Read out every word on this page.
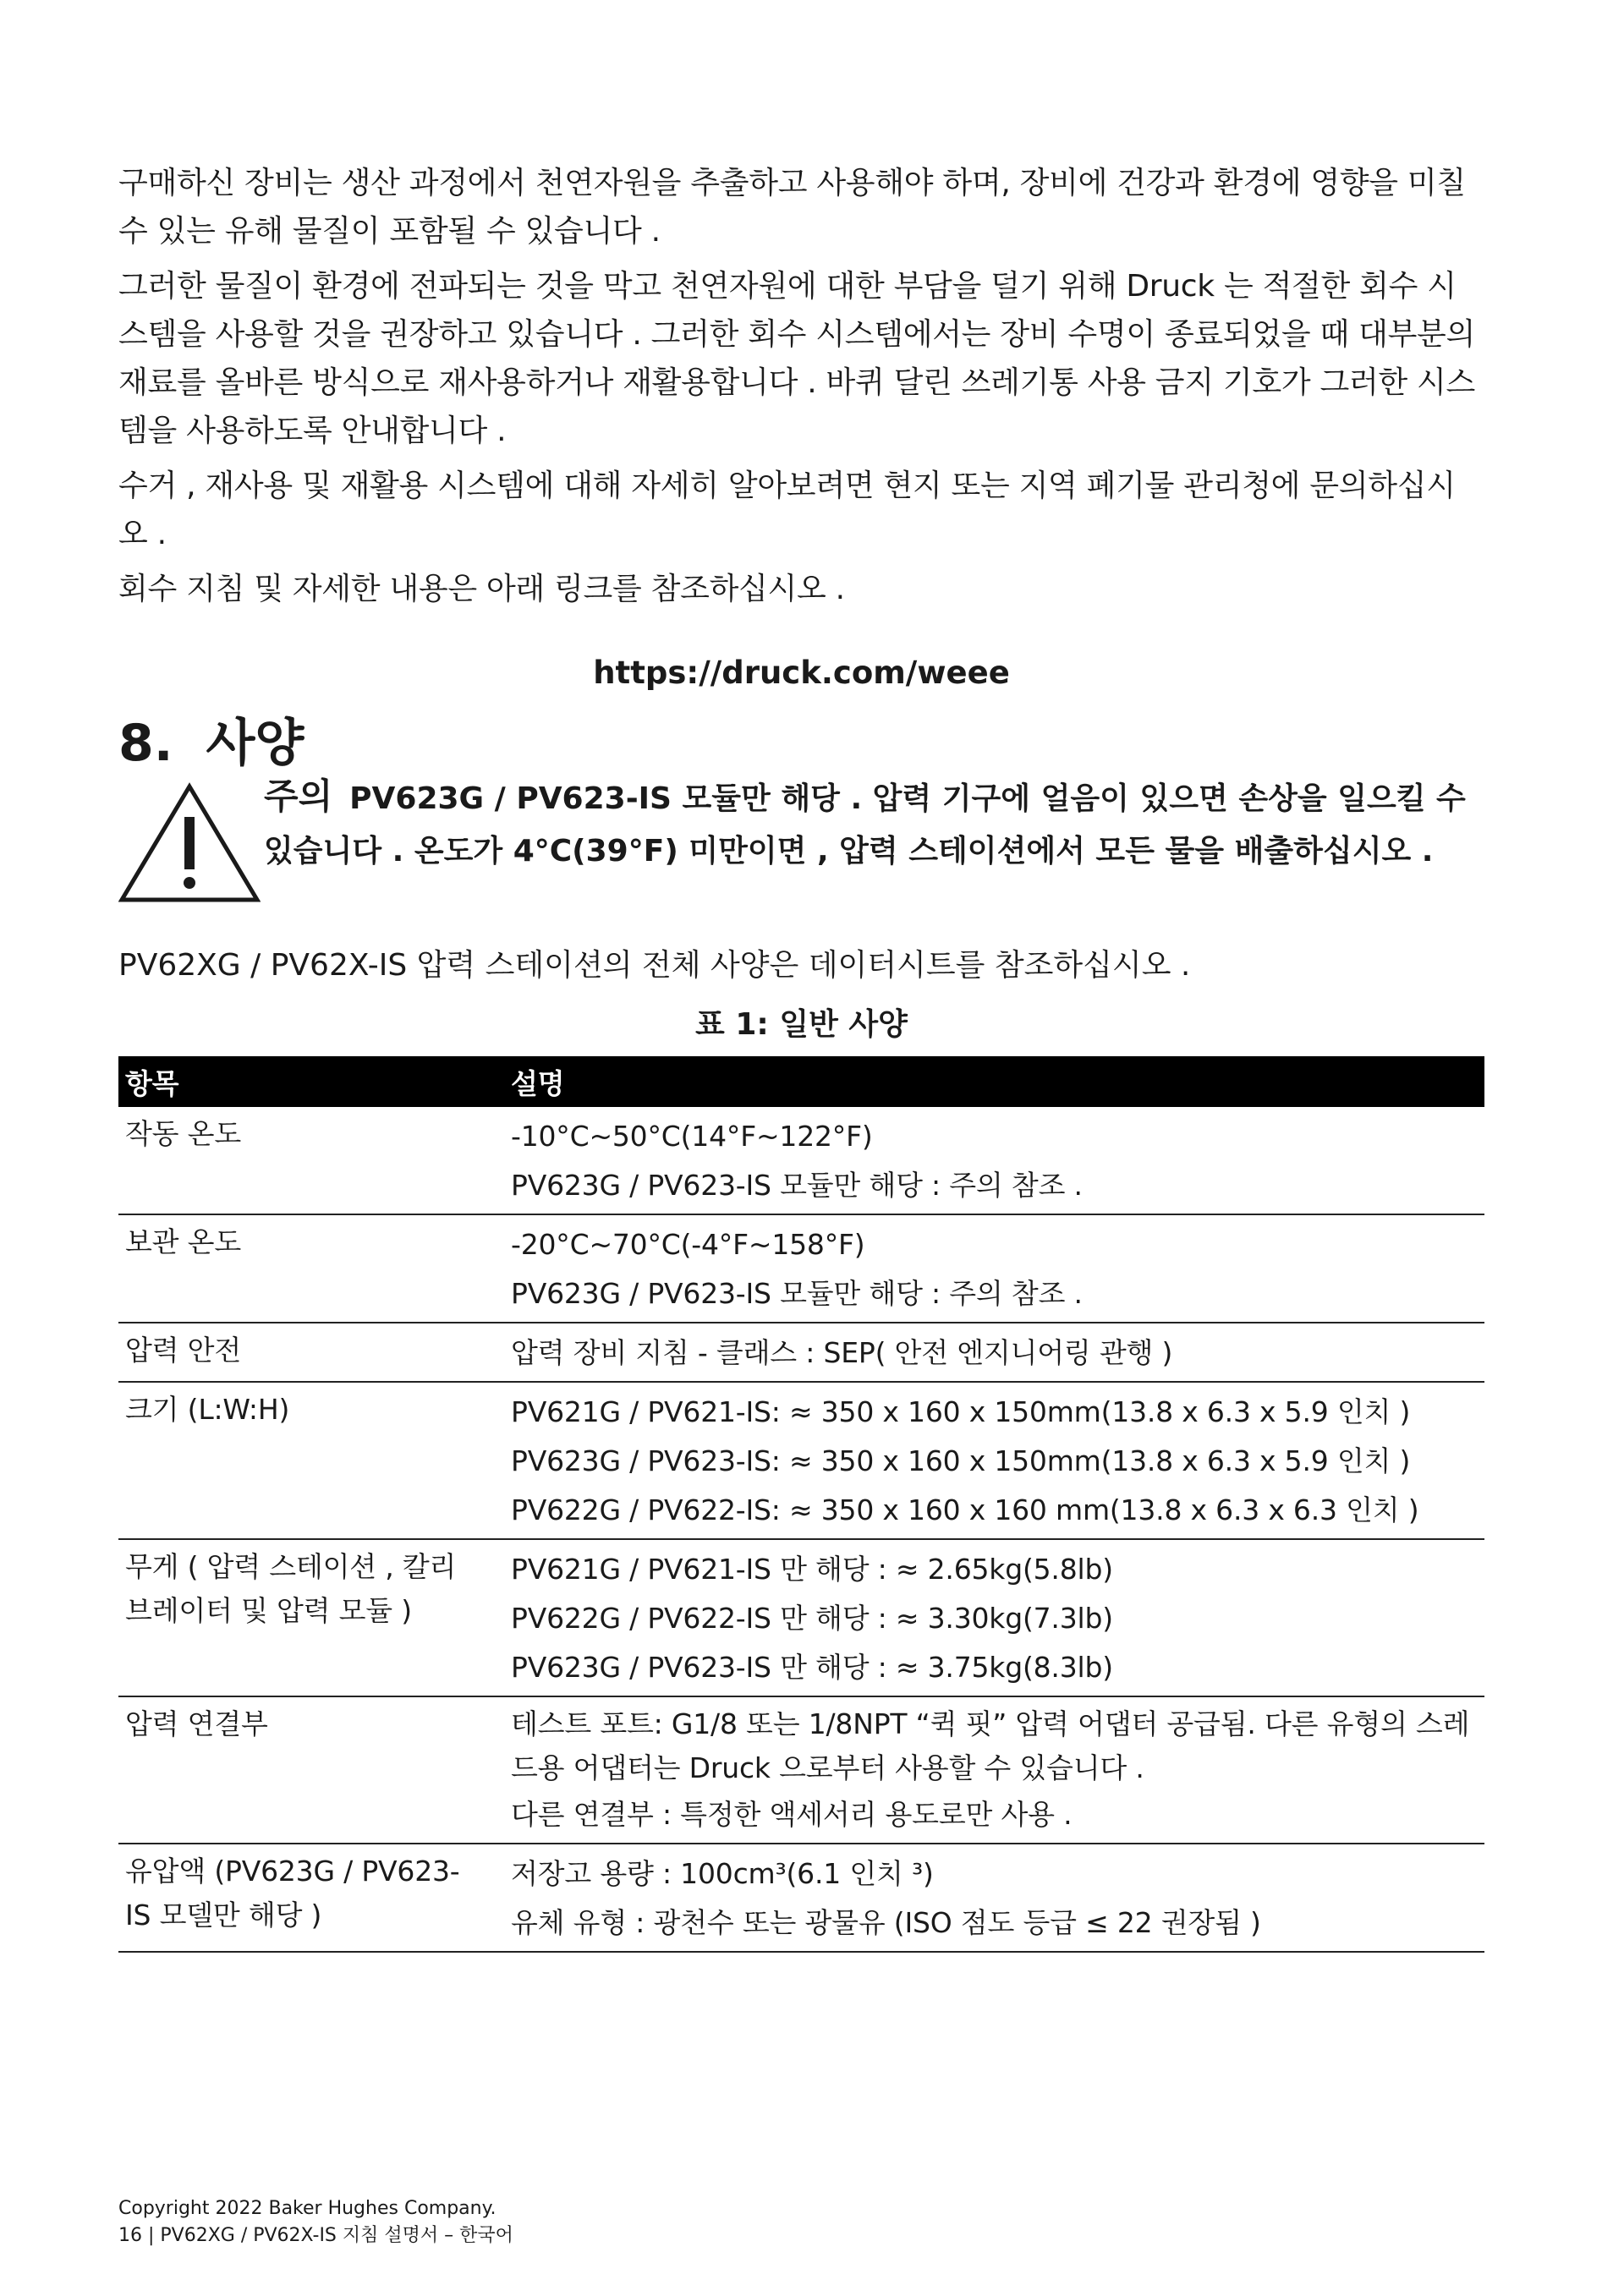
구매하신 장비는 생산 과정에서 천연자원을 추출하고 사용해야 하며, 장비에 건강과 환경에 영향을 미칠 수 있는 유해 물질이 포함될 수 있습니다 .

그러한 물질이 환경에 전파되는 것을 막고 천연자원에 대한 부담을 덜기 위해 Druck 는 적절한 회수 시스템을 사용할 것을 권장하고 있습니다 . 그러한 회수 시스템에서는 장비 수명이 종료되었을 때 대부분의 재료를 올바른 방식으로 재사용하거나 재활용합니다 . 바퀴 달린 쓰레기통 사용 금지 기호가 그러한 시스템을 사용하도록 안내합니다 .

수거 , 재사용 및 재활용 시스템에 대해 자세히 알아보려면 현지 또는 지역 폐기물 관리청에 문의하십시오 .

회수 지침 및 자세한 내용은 아래 링크를 참조하십시오 .

https://druck.com/weee
8. 사양
주의 PV623G / PV623-IS 모듈만 해당 . 압력 기구에 얼음이 있으면 손상을 일으킬 수 있습니다 . 온도가 4°C(39°F) 미만이면 , 압력 스테이션에서 모든 물을 배출하십시오 .

PV62XG / PV62X-IS 압력 스테이션의 전체 사양은 데이터시트를 참조하십시오 .

표 1: 일반 사양
항목	설명

작동 온도	-10°C~50°C(14°F~122°F)
PV623G / PV623-IS 모듈만 해당 : 주의 참조 .

보관 온도	-20°C~70°C(-4°F~158°F)
PV623G / PV623-IS 모듈만 해당 : 주의 참조 .

압력 안전	압력 장비 지침 - 클래스 : SEP( 안전 엔지니어링 관행 )

크기 (L:W:H)	PV621G / PV621-IS: ≈ 350 x 160 x 150mm(13.8 x 6.3 x 5.9 인치 )
PV623G / PV623-IS: ≈ 350 x 160 x 150mm(13.8 x 6.3 x 5.9 인치 )
PV622G / PV622-IS: ≈ 350 x 160 x 160 mm(13.8 x 6.3 x 6.3 인치 )

무게 ( 압력 스테이션 , 칼리브레이터 및 압력 모듈 )	PV621G / PV621-IS 만 해당 : ≈ 2.65kg(5.8lb)
PV622G / PV622-IS 만 해당 : ≈ 3.30kg(7.3lb)
PV623G / PV623-IS 만 해당 : ≈ 3.75kg(8.3lb)

압력 연결부	테스트 포트: G1/8 또는 1/8NPT “퀵 핏” 압력 어댑터 공급됨. 다른 유형의 스레드용 어댑터는 Druck 으로부터 사용할 수 있습니다 .
다른 연결부 : 특정한 액세서리 용도로만 사용 .

유압액 (PV623G / PV623-IS 모델만 해당 )	저장고 용량 : 100cm³(6.1 인치 ³)
유체 유형 : 광천수 또는 광물유 (ISO 점도 등급 ≤ 22 권장됨 )
Copyright 2022 Baker Hughes Company.
16 | PV62XG / PV62X-IS 지침 설명서 – 한국어
